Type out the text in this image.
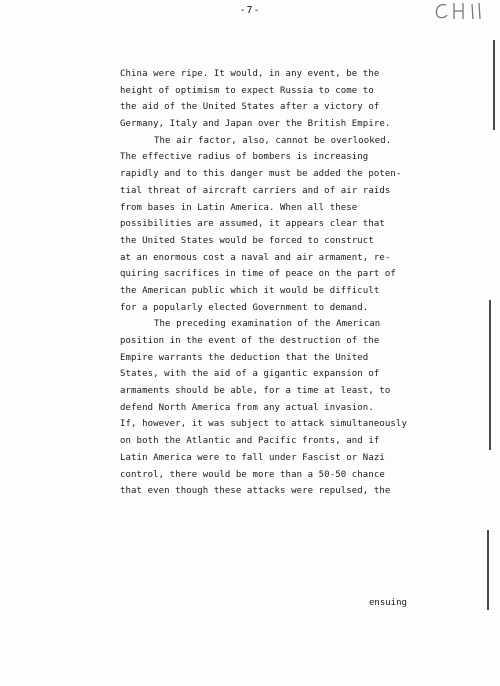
-7-
China were ripe. It would, in any event, be the
height of optimism to expect Russia to come to
the aid of the United States after a victory of
Germany, Italy and Japan over the British Empire.
The air factor, also, cannot be overlooked.
The effective radius of bombers is increasing
rapidly and to this danger must be added the poten-
tial threat of aircraft carriers and of air raids
from bases in Latin America. When all these
possibilities are assumed, it appears clear that
the United States would be forced to construct
at an enormous cost a naval and air armament, re-
quiring sacrifices in time of peace on the part of
the American public which it would be difficult
for a popularly elected Government to demand.
The preceding examination of the American
position in the event of the destruction of the
Empire warrants the deduction that the United
States, with the aid of a gigantic expansion of
armaments should be able, for a time at least, to
defend North America from any actual invasion.
If, however, it was subject to attack simultaneously
on both the Atlantic and Pacific fronts, and if
Latin America were to fall under Fascist or Nazi
control, there would be more than a 50-50 chance
that even though these attacks were repulsed, the
ensuing
